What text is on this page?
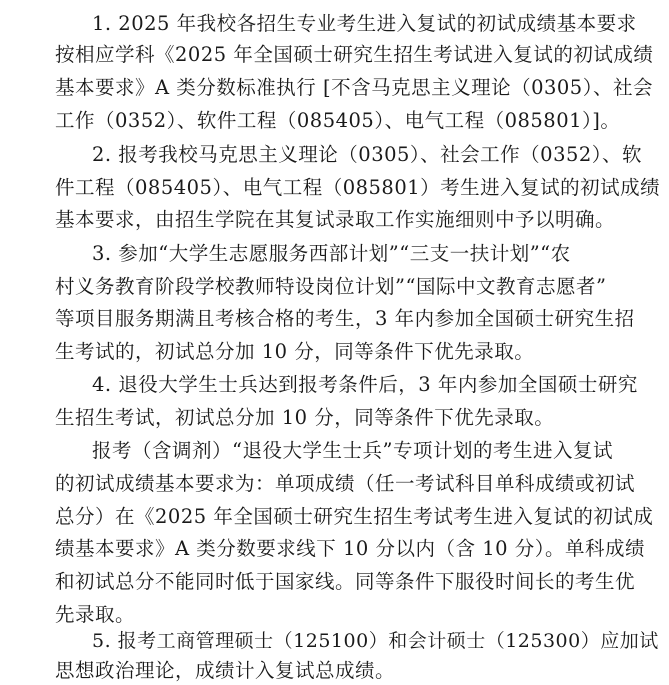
1. 2025 年我校各招生专业考生进入复试的初试成绩基本要求
按相应学科《2025 年全国硕士研究生招生考试进入复试的初试成绩
基本要求》A 类分数标准执行 [不含马克思主义理论（0305）、社会
工作（0352）、软件工程（085405）、电气工程（085801）]。
2. 报考我校马克思主义理论（0305）、社会工作（0352）、软
件工程（085405）、电气工程（085801）考生进入复试的初试成绩
基本要求，由招生学院在其复试录取工作实施细则中予以明确。
3. 参加“大学生志愿服务西部计划”“三支一扶计划”“农
村义务教育阶段学校教师特设岗位计划”“国际中文教育志愿者”
等项目服务期满且考核合格的考生，3 年内参加全国硕士研究生招
生考试的，初试总分加 10 分，同等条件下优先录取。
4. 退役大学生士兵达到报考条件后，3 年内参加全国硕士研究
生招生考试，初试总分加 10 分，同等条件下优先录取。
报考（含调剂）“退役大学生士兵”专项计划的考生进入复试
的初试成绩基本要求为：单项成绩（任一考试科目单科成绩或初试
总分）在《2025 年全国硕士研究生招生考试考生进入复试的初试成
绩基本要求》A 类分数要求线下 10 分以内（含 10 分）。单科成绩
和初试总分不能同时低于国家线。同等条件下服役时间长的考生优
先录取。
5. 报考工商管理硕士（125100）和会计硕士（125300）应加试
思想政治理论，成绩计入复试总成绩。
